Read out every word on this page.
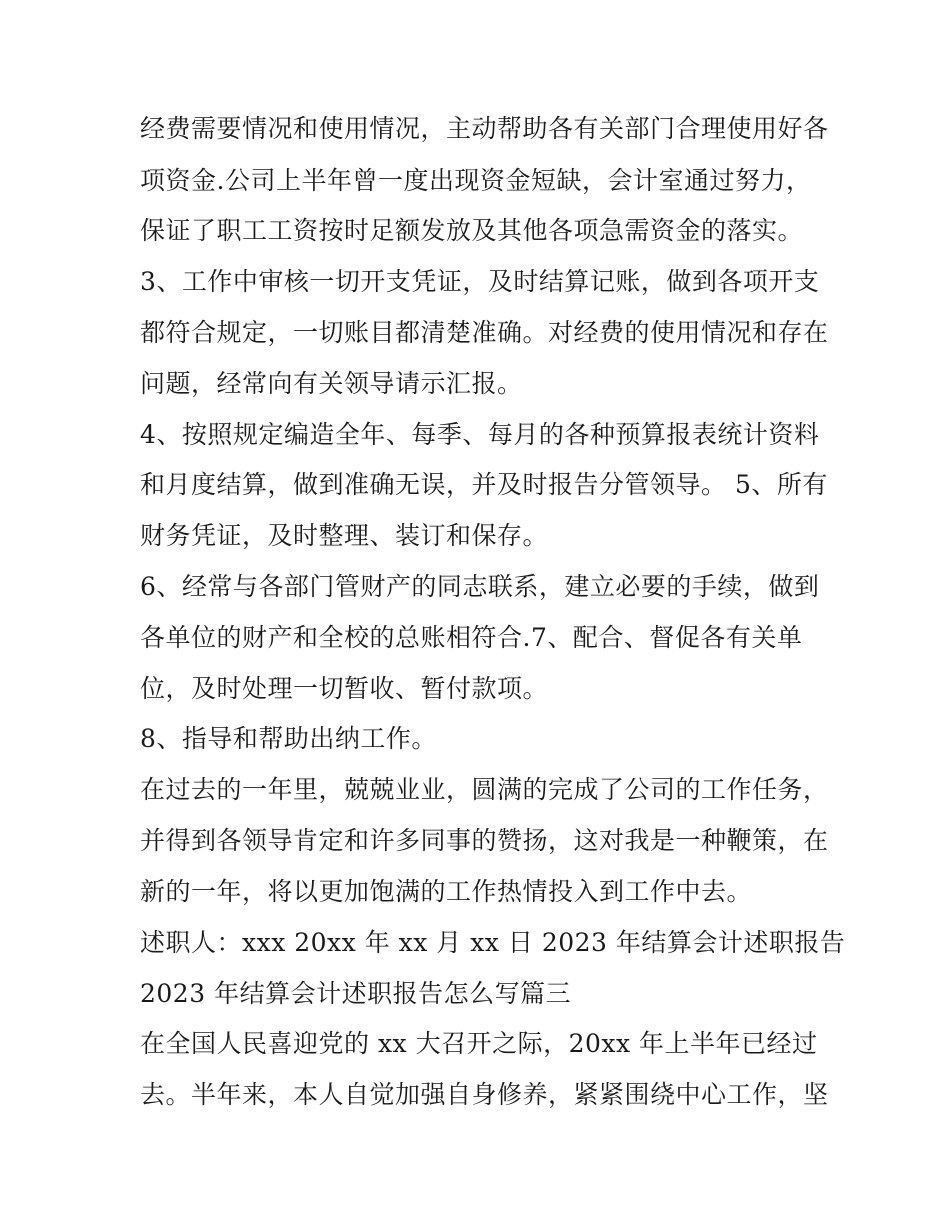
经费需要情况和使用情况，主动帮助各有关部门合理使用好各
项资金.公司上半年曾一度出现资金短缺，会计室通过努力，
保证了职工工资按时足额发放及其他各项急需资金的落实。
3、工作中审核一切开支凭证，及时结算记账，做到各项开支
都符合规定，一切账目都清楚准确。对经费的使用情况和存在
问题，经常向有关领导请示汇报。
4、按照规定编造全年、每季、每月的各种预算报表统计资料
和月度结算，做到准确无误，并及时报告分管领导。 5、所有
财务凭证，及时整理、装订和保存。
6、经常与各部门管财产的同志联系，建立必要的手续，做到
各单位的财产和全校的总账相符合.7、配合、督促各有关单
位，及时处理一切暂收、暂付款项。
8、指导和帮助出纳工作。
在过去的一年里，兢兢业业，圆满的完成了公司的工作任务，
并得到各领导肯定和许多同事的赞扬，这对我是一种鞭策，在
新的一年，将以更加饱满的工作热情投入到工作中去。
述职人：xxx 20xx 年 xx 月 xx 日 2023 年结算会计述职报告
2023 年结算会计述职报告怎么写篇三
在全国人民喜迎党的 xx 大召开之际，20xx 年上半年已经过
去。半年来，本人自觉加强自身修养，紧紧围绕中心工作，坚
